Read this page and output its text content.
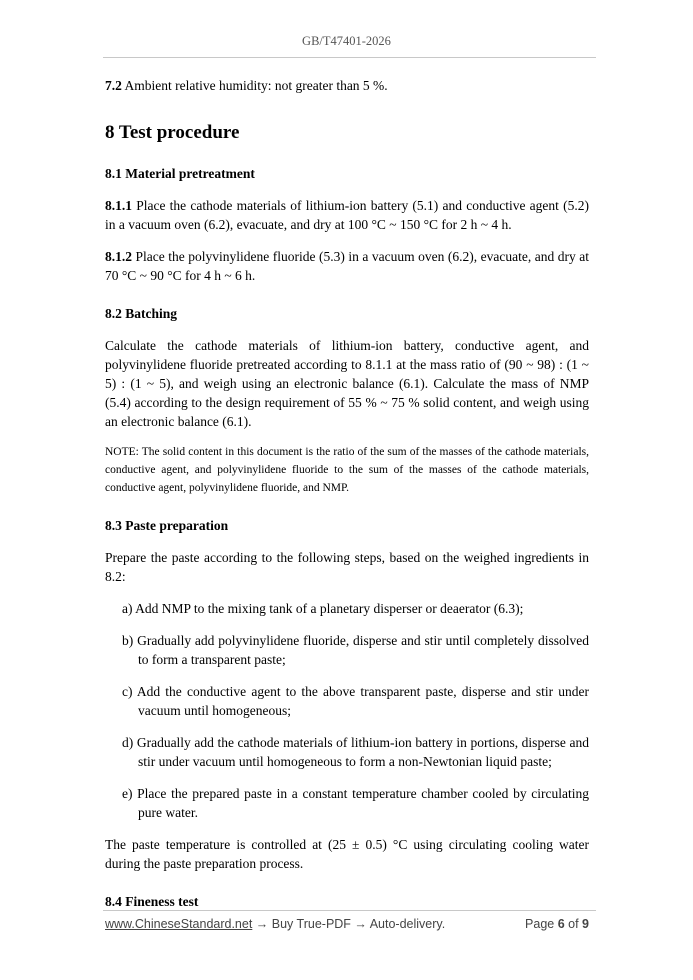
GB/T47401-2026

7.2 Ambient relative humidity: not greater than 5 %.

8 Test procedure
8.1 Material pretreatment

8.1.1 Place the cathode materials of lithium-ion battery (5.1) and conductive agent (5.2) in a vacuum oven (6.2), evacuate, and dry at 100 °C ~ 150 °C for 2 h ~ 4 h.

8.1.2 Place the polyvinylidene fluoride (5.3) in a vacuum oven (6.2), evacuate, and dry at 70 °C ~ 90 °C for 4 h ~ 6 h.

8.2 Batching

Calculate the cathode materials of lithium-ion battery, conductive agent, and polyvinylidene fluoride pretreated according to 8.1.1 at the mass ratio of (90 ~ 98) : (1 ~ 5) : (1 ~ 5), and weigh using an electronic balance (6.1). Calculate the mass of NMP (5.4) according to the design requirement of 55 % ~ 75 % solid content, and weigh using an electronic balance (6.1).

NOTE: The solid content in this document is the ratio of the sum of the masses of the cathode materials, conductive agent, and polyvinylidene fluoride to the sum of the masses of the cathode materials, conductive agent, polyvinylidene fluoride, and NMP.

8.3 Paste preparation

Prepare the paste according to the following steps, based on the weighed ingredients in 8.2:

a) Add NMP to the mixing tank of a planetary disperser or deaerator (6.3);

b) Gradually add polyvinylidene fluoride, disperse and stir until completely dissolved to form a transparent paste;

c) Add the conductive agent to the above transparent paste, disperse and stir under vacuum until homogeneous;

d) Gradually add the cathode materials of lithium-ion battery in portions, disperse and stir under vacuum until homogeneous to form a non-Newtonian liquid paste;

e) Place the prepared paste in a constant temperature chamber cooled by circulating pure water.

The paste temperature is controlled at (25 ± 0.5) °C using circulating cooling water during the paste preparation process.

8.4 Fineness test
www.ChineseStandard.net → Buy True-PDF → Auto-delivery.	Page 6 of 9
